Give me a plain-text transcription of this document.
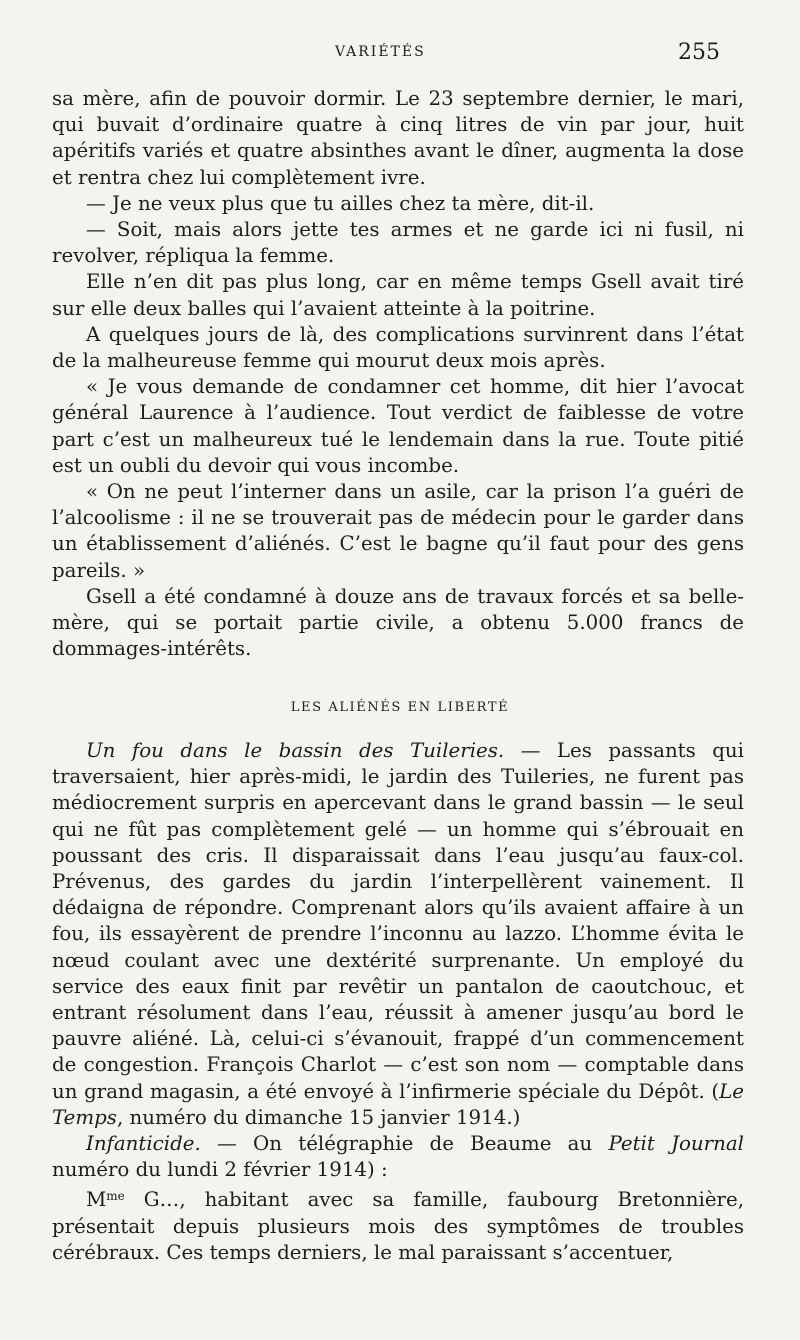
VARIÉTÉS	255

sa mère, afin de pouvoir dormir. Le 23 septembre dernier, le mari, qui buvait d’ordinaire quatre à cinq litres de vin par jour, huit apéritifs variés et quatre absinthes avant le dîner, augmenta la dose et rentra chez lui complètement ivre.

— Je ne veux plus que tu ailles chez ta mère, dit-il.

— Soit, mais alors jette tes armes et ne garde ici ni fusil, ni revolver, répliqua la femme.

Elle n’en dit pas plus long, car en même temps Gsell avait tiré sur elle deux balles qui l’avaient atteinte à la poitrine.

A quelques jours de là, des complications survinrent dans l’état de la malheureuse femme qui mourut deux mois après.

« Je vous demande de condamner cet homme, dit hier l’avocat général Laurence à l’audience. Tout verdict de faiblesse de votre part c’est un malheureux tué le lendemain dans la rue. Toute pitié est un oubli du devoir qui vous incombe.

« On ne peut l’interner dans un asile, car la prison l’a guéri de l’alcoolisme : il ne se trouverait pas de médecin pour le garder dans un établissement d’aliénés. C’est le bagne qu’il faut pour des gens pareils. »

Gsell a été condamné à douze ans de travaux forcés et sa belle-mère, qui se portait partie civile, a obtenu 5.000 francs de dommages-intérêts.

LES ALIÉNÉS EN LIBERTÉ

Un fou dans le bassin des Tuileries. — Les passants qui traversaient, hier après-midi, le jardin des Tuileries, ne furent pas médiocrement surpris en apercevant dans le grand bassin — le seul qui ne fût pas complètement gelé — un homme qui s’ébrouait en poussant des cris. Il disparaissait dans l’eau jusqu’au faux-col. Prévenus, des gardes du jardin l’interpellèrent vainement. Il dédaigna de répondre. Comprenant alors qu’ils avaient affaire à un fou, ils essayèrent de prendre l’inconnu au lazzo. L’homme évita le nœud coulant avec une dextérité surprenante. Un employé du service des eaux finit par revêtir un pantalon de caoutchouc, et entrant résolument dans l’eau, réussit à amener jusqu’au bord le pauvre aliéné. Là, celui-ci s’évanouit, frappé d’un commencement de congestion. François Charlot — c’est son nom — comptable dans un grand magasin, a été envoyé à l’infirmerie spéciale du Dépôt. (Le Temps, numéro du dimanche 15 janvier 1914.)

Infanticide. — On télégraphie de Beaume au Petit Journal numéro du lundi 2 février 1914) :

$M^{me}$ G…, habitant avec sa famille, faubourg Bretonnière, présentait depuis plusieurs mois des symptômes de troubles cérébraux. Ces temps derniers, le mal paraissant s’accentuer,
